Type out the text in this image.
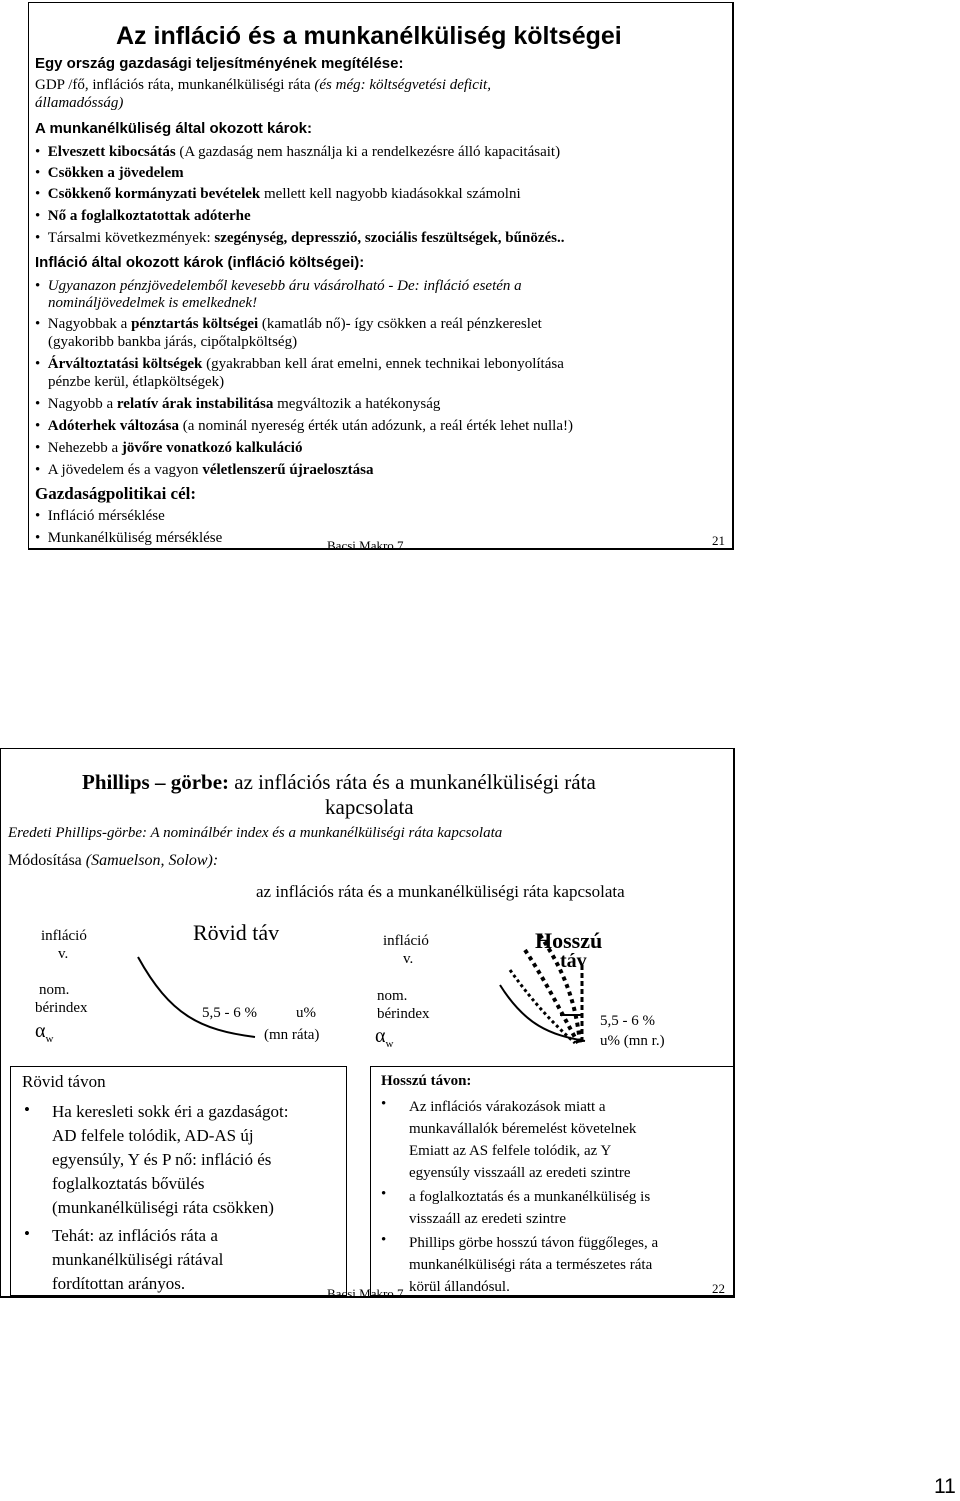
Az infláció és a munkanélküliség költségei
Egy ország gazdasági teljesítményének megítélése:
GDP /fő, inflációs ráta, munkanélküliségi ráta (és még: költségvetési deficit,
államadósság)
A munkanélküliség által okozott károk:
•  Elveszett kibocsátás (A gazdaság nem használja ki a rendelkezésre álló kapacitásait)
•  Csökken a jövedelem
•  Csökkenő kormányzati bevételek mellett kell nagyobb kiadásokkal számolni
•  Nő a foglalkoztatottak adóterhe
•  Társalmi következmények: szegénység, depresszió, szociális feszültségek, bűnözés..
Infláció által okozott károk (infláció költségei):
•  Ugyanazon pénzjövedelemből kevesebb áru vásárolható - De: infláció esetén a
nomináljövedelmek is emelkednek!
•  Nagyobbak a pénztartás költségei (kamatláb nő)- így csökken a reál pénzkereslet
(gyakoribb bankba járás, cipőtalpköltség)
•  Árváltoztatási költségek (gyakrabban kell árat emelni, ennek technikai lebonyolítása
pénzbe kerül, étlapköltségek)
•  Nagyobb a relatív árak instabilitása megváltozik a hatékonyság
•  Adóterhek változása (a nominál nyereség érték után adózunk, a reál érték lehet nulla!)
•  Nehezebb a jövőre vonatkozó kalkuláció
•  A jövedelem és a vagyon véletlenszerű újraelosztása
Gazdaságpolitikai cél:
•  Infláció mérséklése
•  Munkanélküliség mérséklése	Bacsi Makro 7	21
Phillips – görbe: az inflációs ráta és a munkanélküliségi ráta
kapcsolata
Eredeti Phillips-görbe: A nominálbér index és a munkanélküliségi ráta kapcsolata
Módosítása (Samuelson, Solow):
az inflációs ráta és a munkanélküliségi ráta kapcsolata
infláció
v.
nom.
bérindex
$\alpha_w$
Rövid táv
5,5 - 6 %	u%
(mn ráta)
infláció
v.
nom.
bérindex
$\alpha_w$
Hosszú
táv
5,5 - 6 %
u% (mn r.)
Rövid távon
• Ha keresleti sokk éri a gazdaságot:
AD felfele tolódik, AD-AS új
egyensúly, Y és P nő: infláció és
foglalkoztatás bővülés
(munkanélküliségi ráta csökken)
• Tehát: az inflációs ráta a
munkanélküliségi rátával
fordítottan arányos.
Hosszú távon:
• Az inflációs várakozások miatt a
munkavállalók béremelést követelnek
Emiatt az AS felfele tolódik, az Y
egyensúly visszaáll az eredeti szintre
• a foglalkoztatás és a munkanélküliség is
visszaáll az eredeti szintre
• Phillips görbe hosszú távon függőleges, a
munkanélküliségi ráta a természetes ráta
körül állandósul.
Bacsi Makro 7	22
11
